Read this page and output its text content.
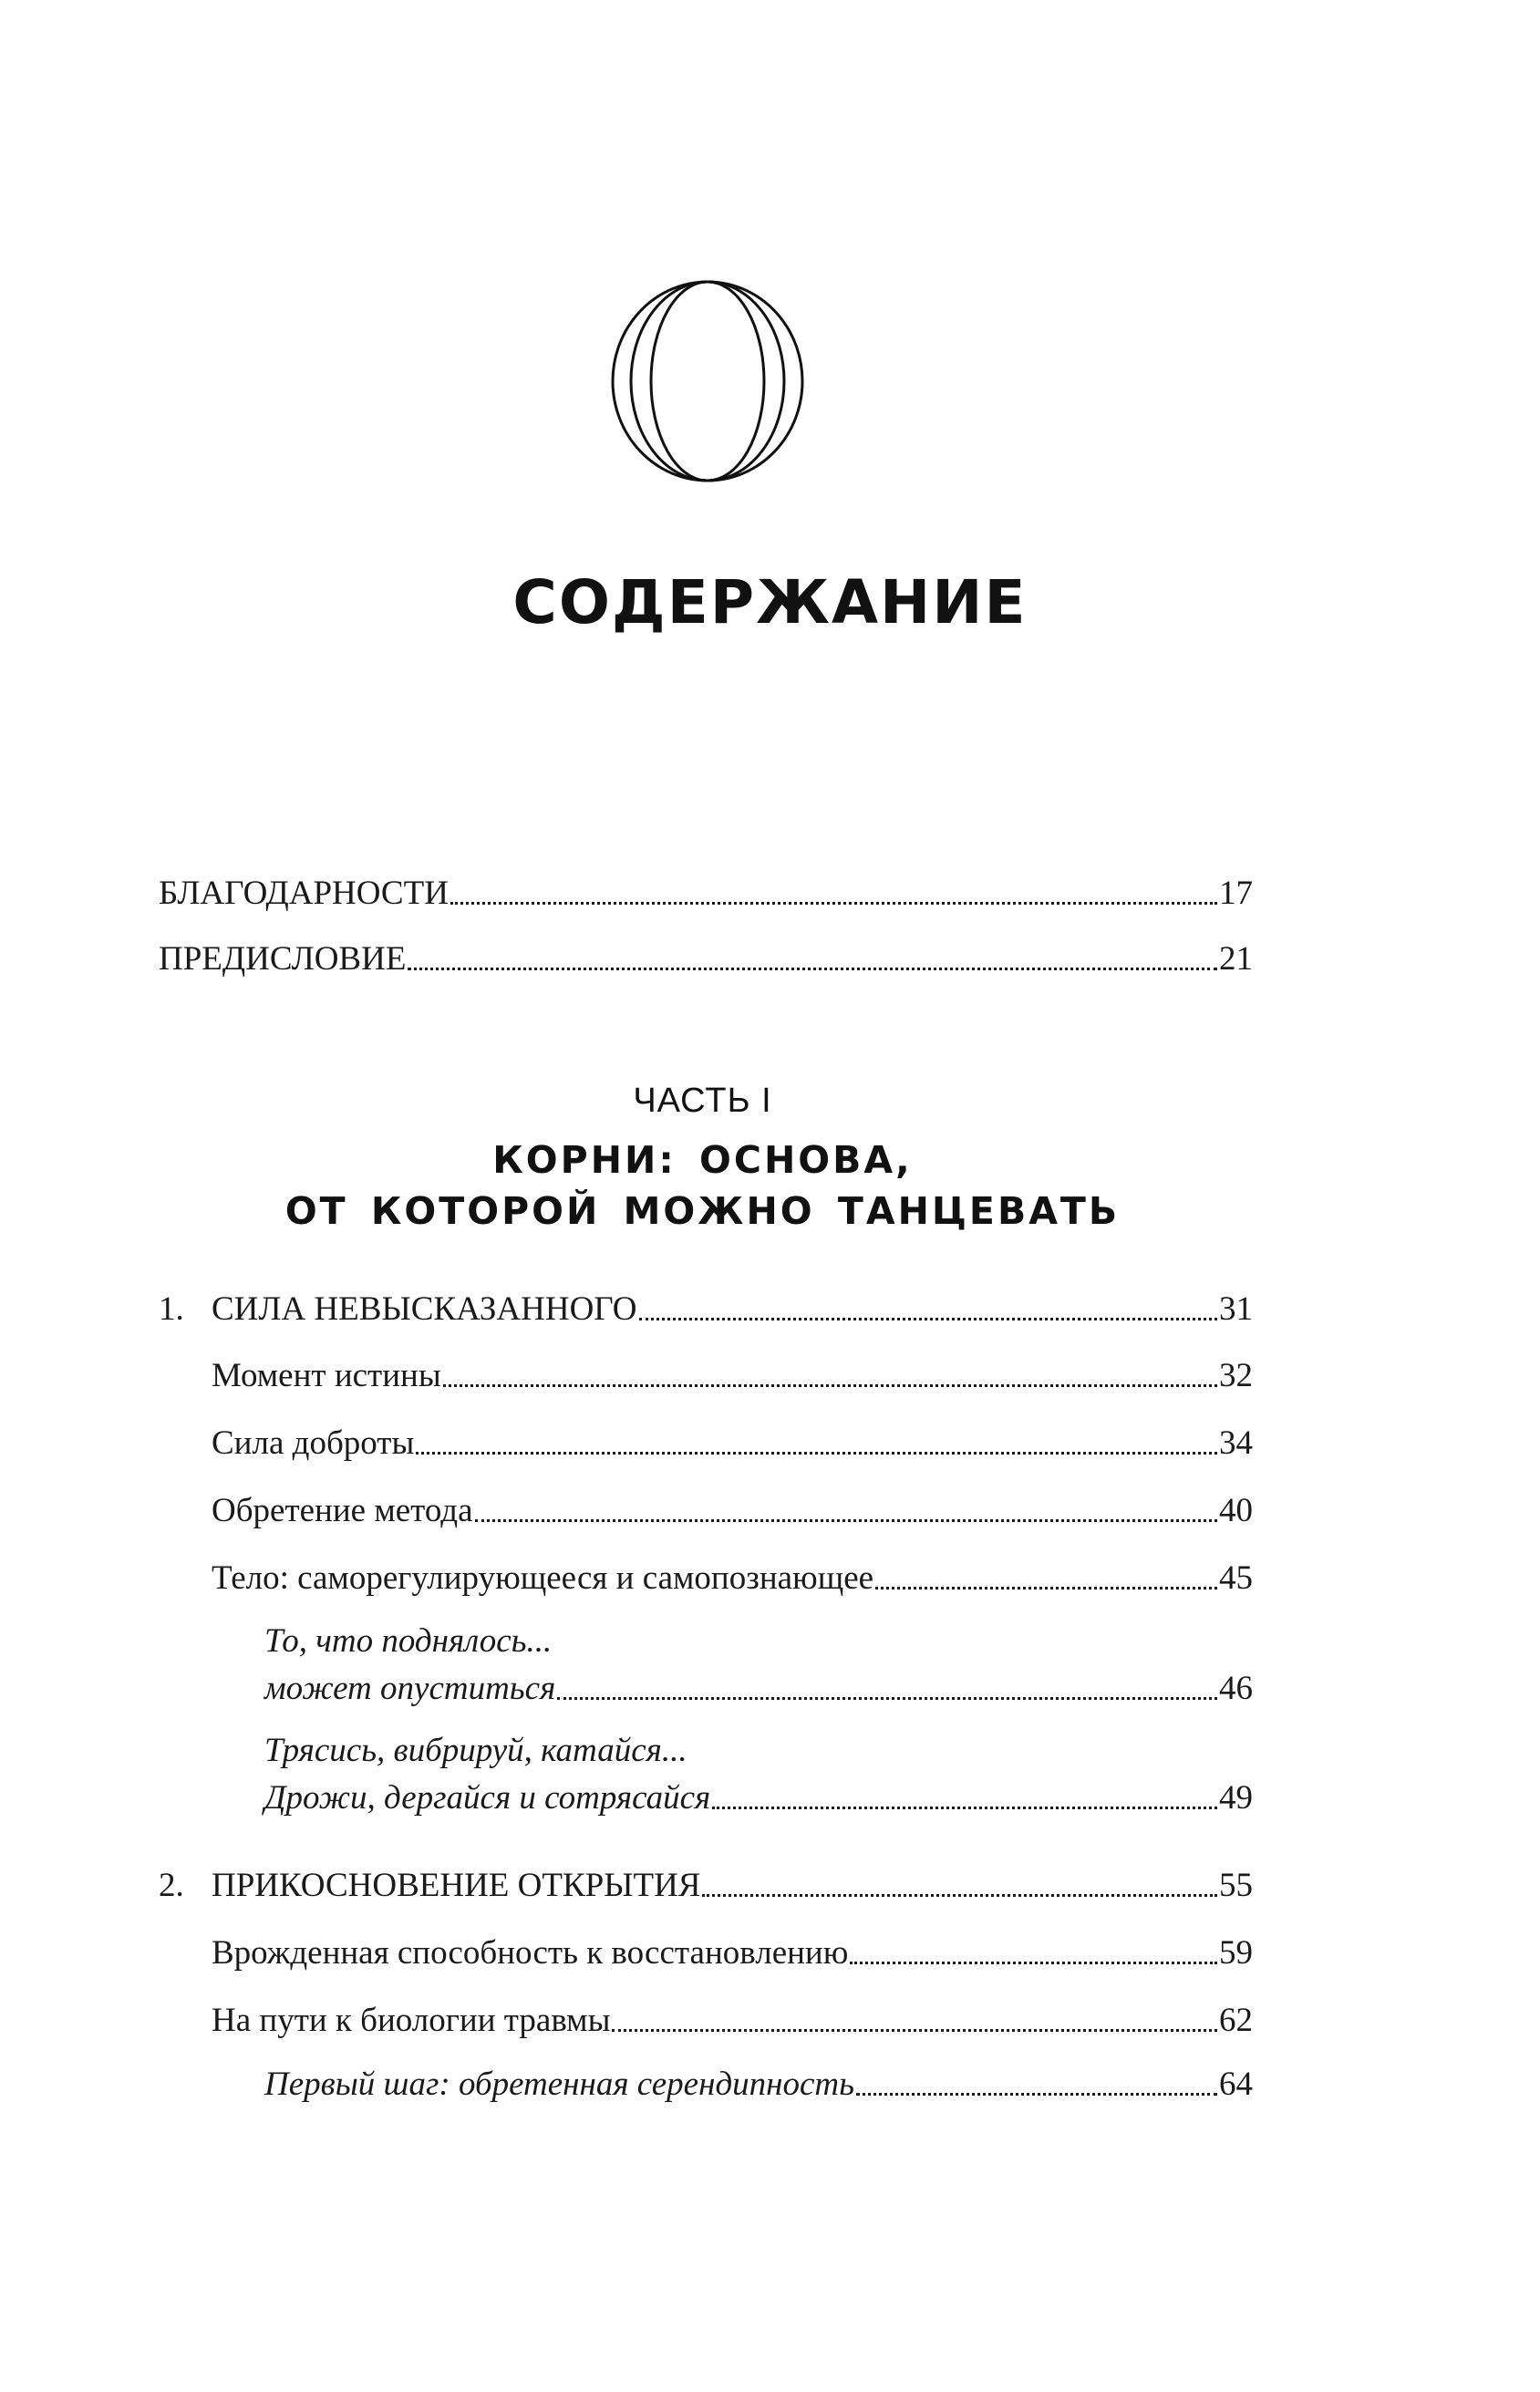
СОДЕРЖАНИЕ
БЛАГОДАРНОСТИ	17
ПРЕДИСЛОВИЕ	21
ЧАСТЬ I
КОРНИ: ОСНОВА,
ОТ КОТОРОЙ МОЖНО ТАНЦЕВАТЬ
1. СИЛА НЕВЫСКАЗАННОГО	31
Момент истины	32
Сила доброты	34
Обретение метода	40
Тело: саморегулирующееся и самопознающее	45
То, что поднялось...
может опуститься	46
Трясись, вибрируй, катайся...
Дрожи, дергайся и сотрясайся	49
2. ПРИКОСНОВЕНИЕ ОТКРЫТИЯ	55
Врожденная способность к восстановлению	59
На пути к биологии травмы	62
Первый шаг: обретенная серендипность	64
